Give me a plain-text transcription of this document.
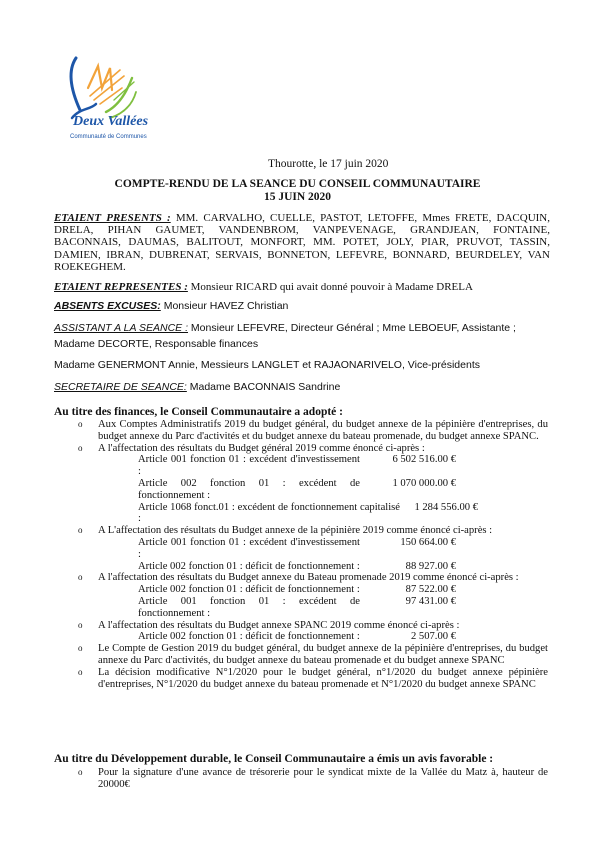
Deux Vallées
Communauté de Communes
Thourotte, le 17 juin 2020
COMPTE-RENDU DE LA SEANCE DU CONSEIL COMMUNAUTAIRE
15 JUIN 2020
ETAIENT PRESENTS : MM. CARVALHO, CUELLE, PASTOT, LETOFFE, Mmes FRETE, DACQUIN, DRELA, PIHAN GAUMET, VANDENBROM, VANPEVENAGE, GRANDJEAN, FONTAINE, BACONNAIS, DAUMAS, BALITOUT, MONFORT, MM. POTET, JOLY, PIAR, PRUVOT, TASSIN, DAMIEN, IBRAN, DUBRENAT, SERVAIS, BONNETON, LEFEVRE, BONNARD, BEURDELEY, VAN ROEKEGHEM.
ETAIENT REPRESENTES : Monsieur RICARD qui avait donné pouvoir à Madame DRELA
ABSENTS EXCUSES: Monsieur HAVEZ Christian
ASSISTANT A LA SEANCE : Monsieur LEFEVRE, Directeur Général ; Mme LEBOEUF, Assistante ;
Madame DECORTE, Responsable finances
Madame GENERMONT Annie, Messieurs LANGLET et RAJAONARIVELO, Vice-présidents
SECRETAIRE DE SEANCE: Madame BACONNAIS Sandrine
Au titre des finances, le Conseil Communautaire a adopté :
o Aux Comptes Administratifs 2019 du budget général, du budget annexe de la pépinière d'entreprises, du budget annexe du Parc d'activités et du budget annexe du bateau promenade, du budget annexe SPANC.
o A l'affectation des résultats du Budget général 2019 comme énoncé ci-après :
Article 001 fonction 01 : excédent d'investissement :
6 502 516.00 €
Article 002 fonction 01 : excédent de fonctionnement :
1 070 000.00 €
Article 1068 fonct.01 : excédent de fonctionnement capitalisé :
1 284 556.00 €
o A L'affectation des résultats du Budget annexe de la pépinière 2019 comme énoncé ci-après :
Article 001 fonction 01 : excédent d'investissement :
150 664.00 €
Article 002 fonction 01 : déficit de fonctionnement :	88 927.00 €
o A l'affectation des résultats du Budget annexe du Bateau promenade 2019 comme énoncé ci-après :
Article 002 fonction 01 : déficit de fonctionnement :	87 522.00 €
Article 001 fonction 01 : excédent de fonctionnement :
97 431.00 €
o A l'affectation des résultats du Budget annexe SPANC 2019 comme énoncé ci-après :
Article 002 fonction 01 : déficit de fonctionnement :	2 507.00 €
o Le Compte de Gestion 2019 du budget général, du budget annexe de la pépinière d'entreprises, du budget annexe du Parc d'activités, du budget annexe du bateau promenade et du budget annexe SPANC
o La décision modificative N°1/2020 pour le budget général, n°1/2020 du budget annexe pépinière d'entreprises, N°1/2020 du budget annexe du bateau promenade et N°1/2020 du budget annexe SPANC
Au titre du Développement durable, le Conseil Communautaire a émis un avis favorable :
o Pour la signature d'une avance de trésorerie pour le syndicat mixte de la Vallée du Matz à, hauteur de 20000€
